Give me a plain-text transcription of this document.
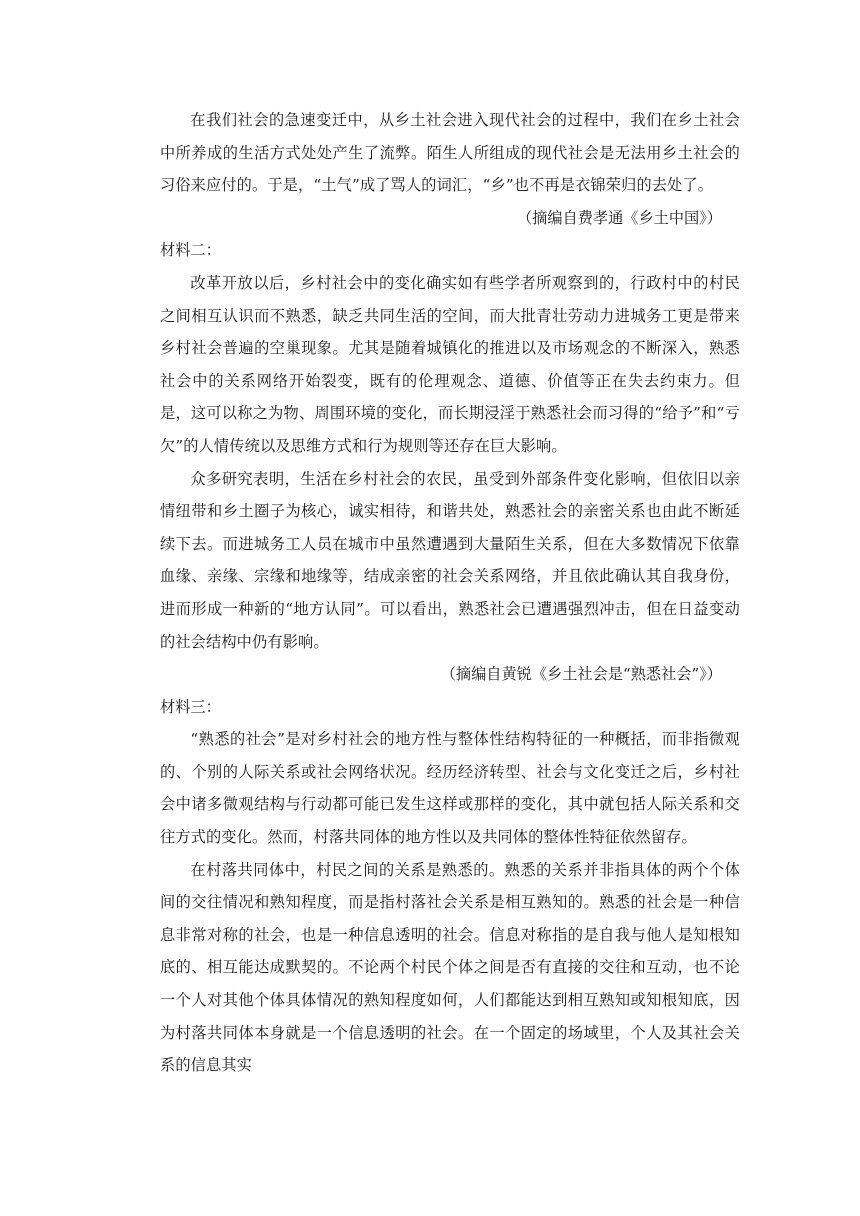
在我们社会的急速变迁中，从乡土社会进入现代社会的过程中，我们在乡土社会中所养成的生活方式处处产生了流弊。陌生人所组成的现代社会是无法用乡土社会的习俗来应付的。于是，“土气”成了骂人的词汇，“乡”也不再是衣锦荣归的去处了。

（摘编自费孝通《乡土中国》）

材料二：

改革开放以后，乡村社会中的变化确实如有些学者所观察到的，行政村中的村民之间相互认识而不熟悉，缺乏共同生活的空间，而大批青壮劳动力进城务工更是带来乡村社会普遍的空巢现象。尤其是随着城镇化的推进以及市场观念的不断深入，熟悉社会中的关系网络开始裂变，既有的伦理观念、道德、价值等正在失去约束力。但是，这可以称之为物、周围环境的变化，而长期浸淫于熟悉社会而习得的“给予”和“亏欠”的人情传统以及思维方式和行为规则等还存在巨大影响。

众多研究表明，生活在乡村社会的农民，虽受到外部条件变化影响，但依旧以亲情纽带和乡土圈子为核心，诚实相待，和谐共处，熟悉社会的亲密关系也由此不断延续下去。而进城务工人员在城市中虽然遭遇到大量陌生关系，但在大多数情况下依靠血缘、亲缘、宗缘和地缘等，结成亲密的社会关系网络，并且依此确认其自我身份，进而形成一种新的“地方认同”。可以看出，熟悉社会已遭遇强烈冲击，但在日益变动的社会结构中仍有影响。

（摘编自黄锐《乡土社会是“熟悉社会”》）

材料三：

“熟悉的社会”是对乡村社会的地方性与整体性结构特征的一种概括，而非指微观的、个别的人际关系或社会网络状况。经历经济转型、社会与文化变迁之后，乡村社会中诸多微观结构与行动都可能已发生这样或那样的变化，其中就包括人际关系和交往方式的变化。然而，村落共同体的地方性以及共同体的整体性特征依然留存。

在村落共同体中，村民之间的关系是熟悉的。熟悉的关系并非指具体的两个个体间的交往情况和熟知程度，而是指村落社会关系是相互熟知的。熟悉的社会是一种信息非常对称的社会，也是一种信息透明的社会。信息对称指的是自我与他人是知根知底的、相互能达成默契的。不论两个村民个体之间是否有直接的交往和互动，也不论一个人对其他个体具体情况的熟知程度如何，人们都能达到相互熟知或知根知底，因为村落共同体本身就是一个信息透明的社会。在一个固定的场域里，个人及其社会关系的信息其实
